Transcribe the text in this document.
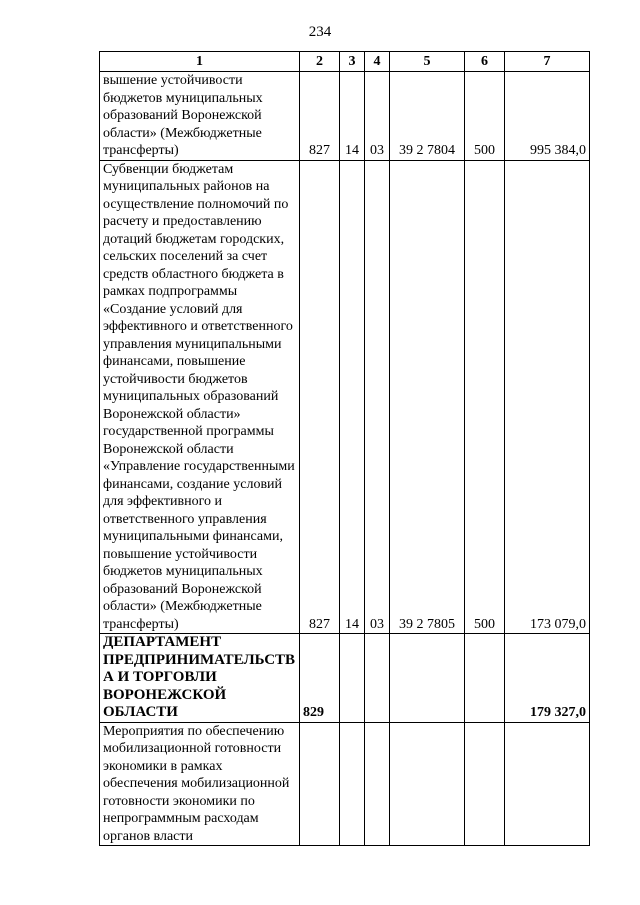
234
1	2	3	4	5	6	7
вышение устойчивости бюджетов муниципальных образований Воронежской области» (Межбюджетные трансферты)	827	14	03	39 2 7804	500	995 384,0
Субвенции бюджетам муниципальных районов на осуществление полномочий по расчету и предоставлению дотаций бюджетам городских, сельских поселений за счет средств областного бюджета в рамках подпрограммы «Создание условий для эффективного и ответственного управления муниципальными финансами, повышение устойчивости бюджетов муниципальных образований Воронежской области» государственной программы Воронежской области «Управление государственными финансами, создание условий для эффективного и ответственного управления муниципальными финансами, повышение устойчивости бюджетов муниципальных образований Воронежской области» (Межбюджетные трансферты)	827	14	03	39 2 7805	500	173 079,0
ДЕПАРТАМЕНТ ПРЕДПРИНИМАТЕЛЬСТВА И ТОРГОВЛИ ВОРОНЕЖСКОЙ ОБЛАСТИ	829					179 327,0
Мероприятия по обеспечению мобилизационной готовности экономики в рамках обеспечения мобилизационной готовности экономики по непрограммным расходам органов власти						
